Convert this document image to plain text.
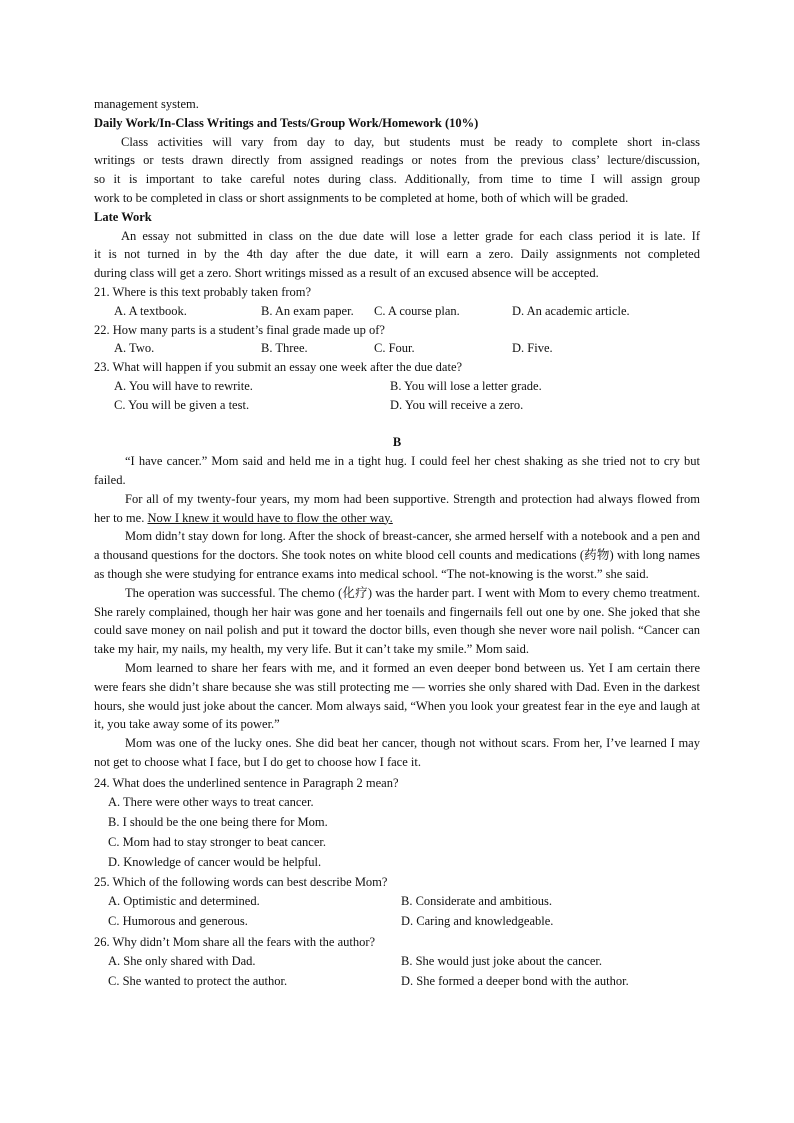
management system.
Daily Work/In-Class Writings and Tests/Group Work/Homework (10%)
Class activities will vary from day to day, but students must be ready to complete short in-class
writings or tests drawn directly from assigned readings or notes from the previous class’ lecture/discussion,
so it is important to take careful notes during class. Additionally, from time to time I will assign group
work to be completed in class or short assignments to be completed at home, both of which will be graded.
Late Work
An essay not submitted in class on the due date will lose a letter grade for each class period it is late. If
it is not turned in by the 4th day after the due date, it will earn a zero. Daily assignments not completed
during class will get a zero. Short writings missed as a result of an excused absence will be accepted.
21. Where is this text probably taken from?
A. A textbook.	B. An exam paper. C. A course plan.	D. An academic article.
22. How many parts is a student’s final grade made up of?
A. Two.	B. Three.	C. Four.	D. Five.
23. What will happen if you submit an essay one week after the due date?
A. You will have to rewrite.	B. You will lose a letter grade.
C. You will be given a test.	D. You will receive a zero.
B
“I have cancer.” Mom said and held me in a tight hug. I could feel her chest shaking as she tried not to cry but failed.
For all of my twenty-four years, my mom had been supportive. Strength and protection had always flowed from her to me. Now I knew it would have to flow the other way.
Mom didn’t stay down for long. After the shock of breast-cancer, she armed herself with a notebook and a pen and a thousand questions for the doctors. She took notes on white blood cell counts and medications (药物) with long names as though she were studying for entrance exams into medical school. “The not-knowing is the worst.” she said.
The operation was successful. The chemo (化疗) was the harder part. I went with Mom to every chemo treatment. She rarely complained, though her hair was gone and her toenails and fingernails fell out one by one. She joked that she could save money on nail polish and put it toward the doctor bills, even though she never wore nail polish. “Cancer can take my hair, my nails, my health, my very life. But it can’t take my smile.” Mom said.
Mom learned to share her fears with me, and it formed an even deeper bond between us. Yet I am certain there were fears she didn’t share because she was still protecting me — worries she only shared with Dad. Even in the darkest hours, she would just joke about the cancer. Mom always said, “When you look your greatest fear in the eye and laugh at it, you take away some of its power.”
Mom was one of the lucky ones. She did beat her cancer, though not without scars. From her, I’ve learned I may not get to choose what I face, but I do get to choose how I face it.
24. What does the underlined sentence in Paragraph 2 mean?
A. There were other ways to treat cancer.
B. I should be the one being there for Mom.
C. Mom had to stay stronger to beat cancer.
D. Knowledge of cancer would be helpful.
25. Which of the following words can best describe Mom?
A. Optimistic and determined.	B. Considerate and ambitious.
C. Humorous and generous.	D. Caring and knowledgeable.
26. Why didn’t Mom share all the fears with the author?
A. She only shared with Dad.	B. She would just joke about the cancer.
C. She wanted to protect the author.	D. She formed a deeper bond with the author.
